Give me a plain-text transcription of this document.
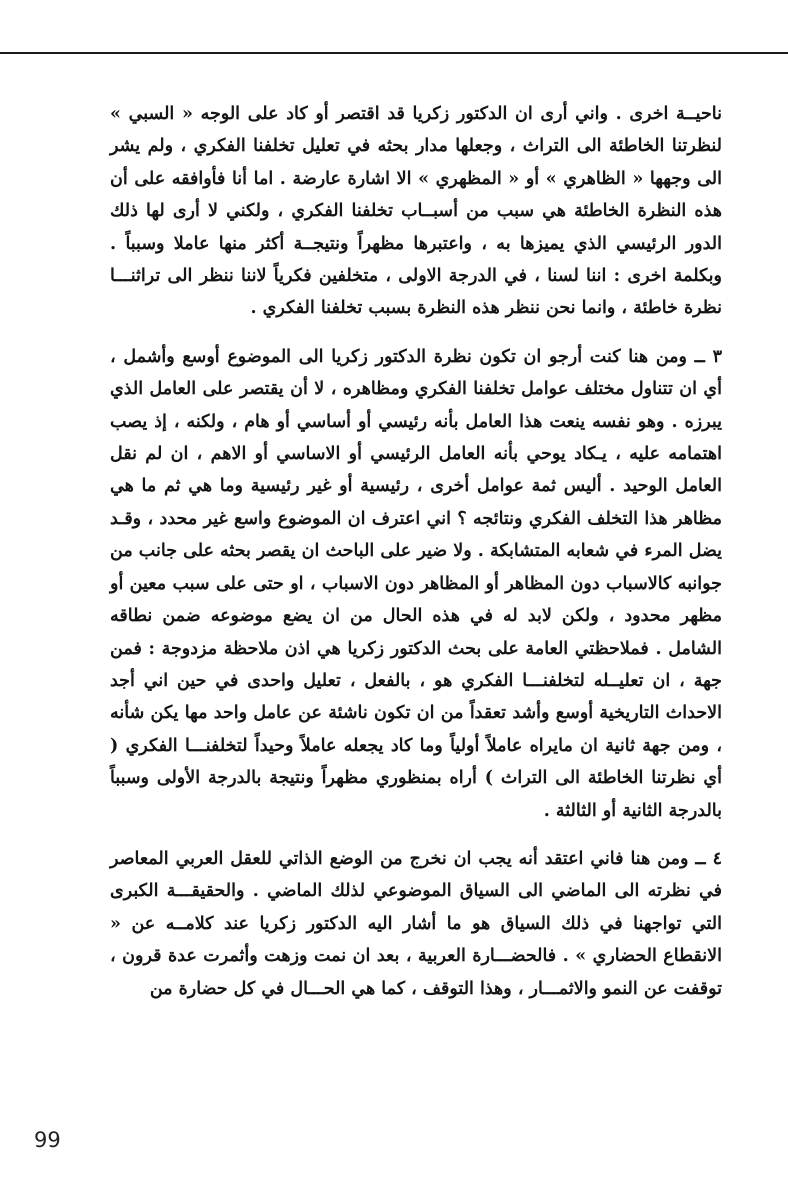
ناحيــة اخرى . واني أرى ان الدكتور زكريا قد اقتصر أو كاد على الوجه « السبي » لنظرتنا الخاطئة الى التراث ، وجعلها مدار بحثه في تعليل تخلفنا الفكري ، ولم يشر الى وجهها « الظاهري » أو « المظهري » الا اشارة عارضة . اما أنا فأوافقه على أن هذه النظرة الخاطئة هي سبب من أسبــاب تخلفنا الفكري ، ولكني لا أرى لها ذلك الدور الرئيسي الذي يميزها به ، واعتبرها مظهراً ونتيجــة أكثر منها عاملا وسبباً . وبكلمة اخرى : اننا لسنا ، في الدرجة الاولى ، متخلفين فكرياً لاننا ننظر الى تراثنـــا نظرة خاطئة ، وانما نحن ننظر هذه النظرة بسبب تخلفنا الفكري .

٣ ــ ومن هنا كنت أرجو ان تكون نظرة الدكتور زكريا الى الموضوع أوسع وأشمل ، أي ان تتناول مختلف عوامل تخلفنا الفكري ومظاهره ، لا أن يقتصر على العامل الذي يبرزه . وهو نفسه ينعت هذا العامل بأنه رئيسي أو أساسي أو هام ، ولكنه ، إذ يصب اهتمامه عليه ، يـكاد يوحي بأنه العامل الرئيسي أو الاساسي أو الاهم ، ان لم نقل العامل الوحيد . أليس ثمة عوامل أخرى ، رئيسية أو غير رئيسية وما هي ثم ما هي مظاهر هذا التخلف الفكري ونتائجه ؟ اني اعترف ان الموضوع واسع غير محدد ، وقـد يضل المرء في شعابه المتشابكة . ولا ضير على الباحث ان يقصر بحثه على جانب من جوانبه كالاسباب دون المظاهر أو المظاهر دون الاسباب ، او حتى على سبب معين أو مظهر محدود ، ولكن لابد له في هذه الحال من ان يضع موضوعه ضمن نطاقه الشامل . فملاحظتي العامة على بحث الدكتور زكريا هي اذن ملاحظة مزدوجة : فمن جهة ، ان تعليــله لتخلفنـــا الفكري هو ، بالفعل ، تعليل واحدى في حين اني أجد الاحداث التاريخية أوسع وأشد تعقداً من ان تكون ناشئة عن عامل واحد مها يكن شأنه ، ومن جهة ثانية ان مايراه عاملاً أولياً وما كاد يجعله عاملاً وحيداً لتخلفنـــا الفكري ( أي نظرتنا الخاطئة الى التراث ) أراه بمنظوري مظهراً ونتيجة بالدرجة الأولى وسبباً بالدرجة الثانية أو الثالثة .

٤ ــ ومن هنا فاني اعتقد أنه يجب ان نخرج من الوضع الذاتي للعقل العربي المعاصر في نظرته الى الماضي الى السياق الموضوعي لذلك الماضي . والحقيقـــة الكبرى التي تواجهنا في ذلك السياق هو ما أشار اليه الدكتور زكريا عند كلامــه عن « الانقطاع الحضاري » . فالحضـــارة العربية ، بعد ان نمت وزهت وأثمرت عدة قرون ، توقفت عن النمو والاثمـــار ، وهذا التوقف ، كما هي الحـــال في كل حضارة من

99
